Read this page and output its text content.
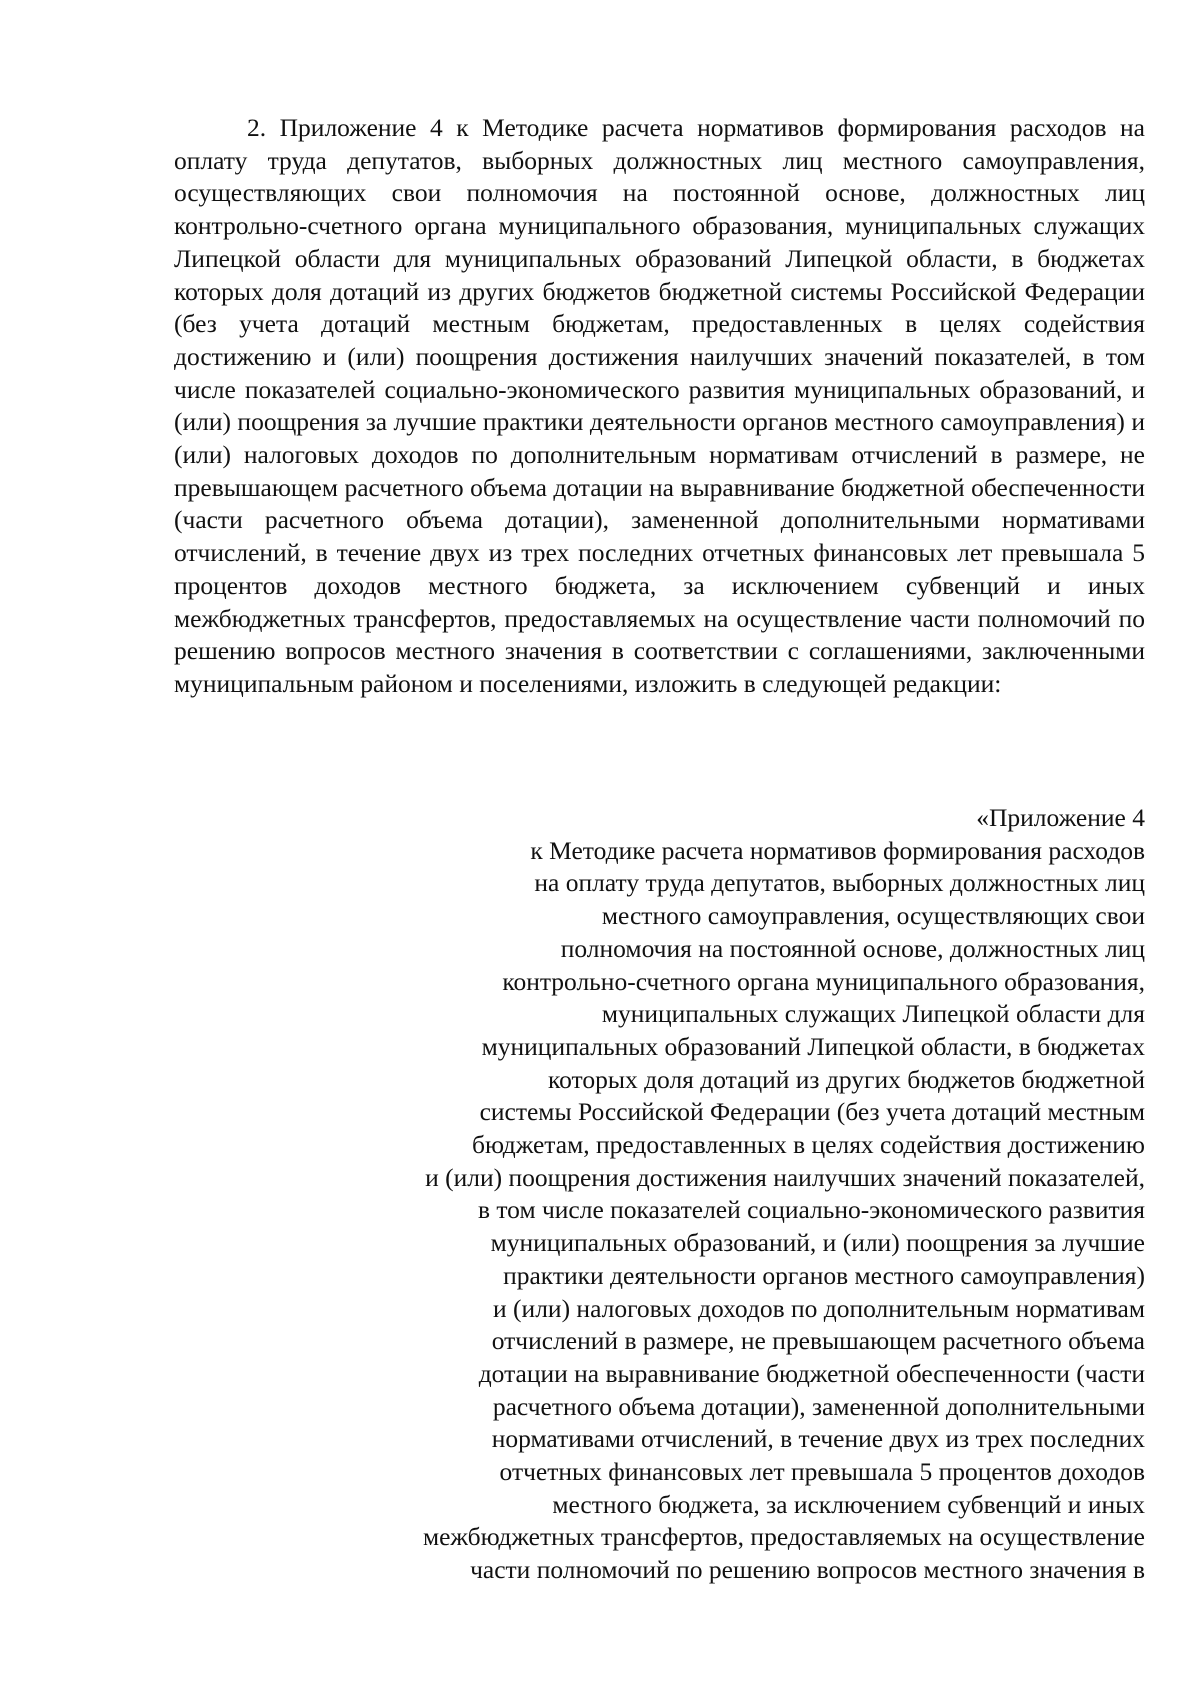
2. Приложение 4 к Методике расчета нормативов формирования расходов на оплату труда депутатов, выборных должностных лиц местного самоуправления, осуществляющих свои полномочия на постоянной основе, должностных лиц контрольно-счетного органа муниципального образования, муниципальных служащих Липецкой области для муниципальных образований Липецкой области, в бюджетах которых доля дотаций из других бюджетов бюджетной системы Российской Федерации (без учета дотаций местным бюджетам, предоставленных в целях содействия достижению и (или) поощрения достижения наилучших значений показателей, в том числе показателей социально-экономического развития муниципальных образований, и (или) поощрения за лучшие практики деятельности органов местного самоуправления) и (или) налоговых доходов по дополнительным нормативам отчислений в размере, не превышающем расчетного объема дотации на выравнивание бюджетной обеспеченности (части расчетного объема дотации), замененной дополнительными нормативами отчислений, в течение двух из трех последних отчетных финансовых лет превышала 5 процентов доходов местного бюджета, за исключением субвенций и иных межбюджетных трансфертов, предоставляемых на осуществление части полномочий по решению вопросов местного значения в соответствии с соглашениями, заключенными муниципальным районом и поселениями, изложить в следующей редакции:

«Приложение 4
к Методике расчета нормативов формирования расходов
на оплату труда депутатов, выборных должностных лиц
местного самоуправления, осуществляющих свои
полномочия на постоянной основе, должностных лиц
контрольно-счетного органа муниципального образования,
муниципальных служащих Липецкой области для
муниципальных образований Липецкой области, в бюджетах
которых доля дотаций из других бюджетов бюджетной
системы Российской Федерации (без учета дотаций местным
бюджетам, предоставленных в целях содействия достижению
и (или) поощрения достижения наилучших значений показателей,
в том числе показателей социально-экономического развития
муниципальных образований, и (или) поощрения за лучшие
практики деятельности органов местного самоуправления)
и (или) налоговых доходов по дополнительным нормативам
отчислений в размере, не превышающем расчетного объема
дотации на выравнивание бюджетной обеспеченности (части
расчетного объема дотации), замененной дополнительными
нормативами отчислений, в течение двух из трех последних
отчетных финансовых лет превышала 5 процентов доходов
местного бюджета, за исключением субвенций и иных
межбюджетных трансфертов, предоставляемых на осуществление
части полномочий по решению вопросов местного значения в
